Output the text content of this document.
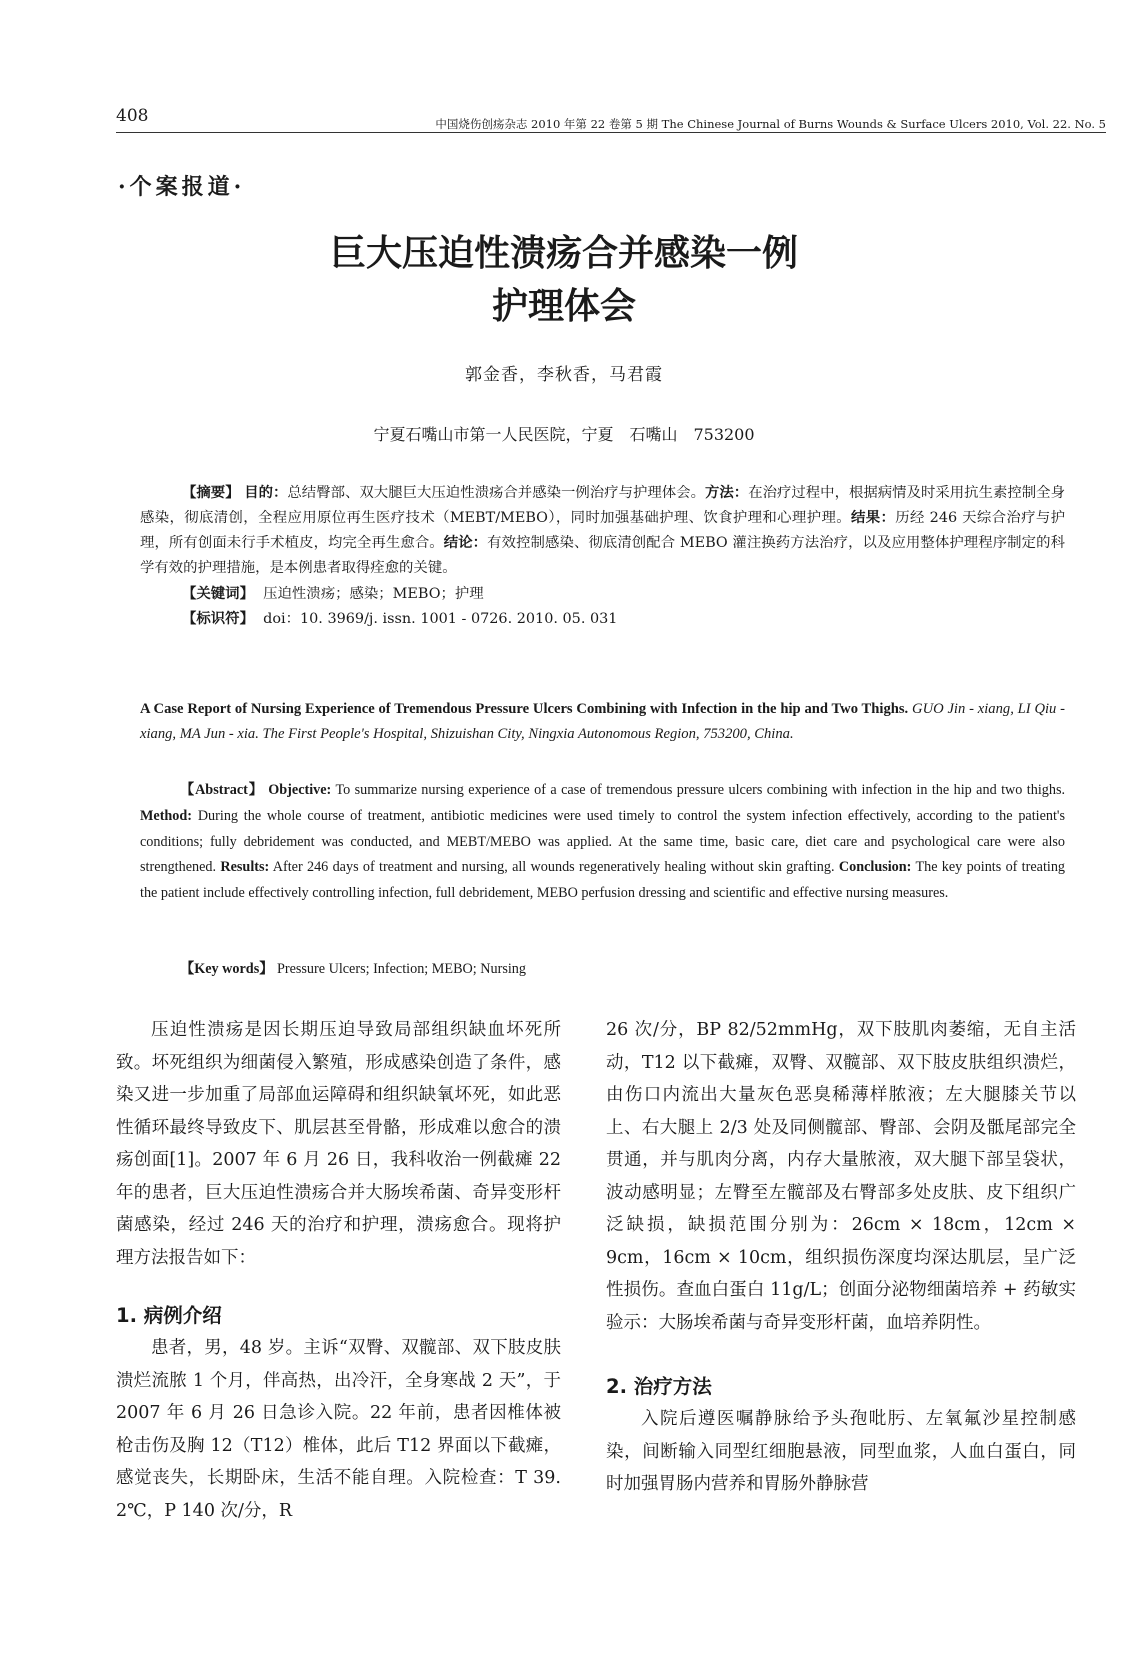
408	中国烧伤创疡杂志 2010 年第 22 卷第 5 期 The Chinese Journal of Burns Wounds & Surface Ulcers 2010, Vol. 22. No. 5
·个案报道·
巨大压迫性溃疡合并感染一例
护理体会
郭金香，李秋香，马君霞
宁夏石嘴山市第一人民医院，宁夏　石嘴山　753200

【摘要】 目的：总结臀部、双大腿巨大压迫性溃疡合并感染一例治疗与护理体会。方法：在治疗过程中，根据病情及时采用抗生素控制全身感染，彻底清创，全程应用原位再生医疗技术（MEBT/MEBO），同时加强基础护理、饮食护理和心理护理。结果：历经 246 天综合治疗与护理，所有创面未行手术植皮，均完全再生愈合。结论：有效控制感染、彻底清创配合 MEBO 灌注换药方法治疗，以及应用整体护理程序制定的科学有效的护理措施，是本例患者取得痊愈的关键。

【关键词】 压迫性溃疡；感染；MEBO；护理
【标识符】 doi：10. 3969/j. issn. 1001 - 0726. 2010. 05. 031

A Case Report of Nursing Experience of Tremendous Pressure Ulcers Combining with Infection in the hip and Two Thighs. GUO Jin - xiang, LI Qiu - xiang, MA Jun - xia. The First People's Hospital, Shizuishan City, Ningxia Autonomous Region, 753200, China.

【Abstract】 Objective: To summarize nursing experience of a case of tremendous pressure ulcers combining with infection in the hip and two thighs. Method: During the whole course of treatment, antibiotic medicines were used timely to control the system infection effectively, according to the patient's conditions; fully debridement was conducted, and MEBT/MEBO was applied. At the same time, basic care, diet care and psychological care were also strengthened. Results: After 246 days of treatment and nursing, all wounds regeneratively healing without skin grafting. Conclusion: The key points of treating the patient include effectively controlling infection, full debridement, MEBO perfusion dressing and scientific and effective nursing measures.

【Key words】 Pressure Ulcers; Infection; MEBO; Nursing

压迫性溃疡是因长期压迫导致局部组织缺血坏死所致。坏死组织为细菌侵入繁殖，形成感染创造了条件，感染又进一步加重了局部血运障碍和组织缺氧坏死，如此恶性循环最终导致皮下、肌层甚至骨骼，形成难以愈合的溃疡创面[1]。2007 年 6 月 26 日，我科收治一例截瘫 22 年的患者，巨大压迫性溃疡合并大肠埃希菌、奇异变形杆菌感染，经过 246 天的治疗和护理，溃疡愈合。现将护理方法报告如下：

1. 病例介绍

患者，男，48 岁。主诉“双臀、双髋部、双下肢皮肤溃烂流脓 1 个月，伴高热，出冷汗，全身寒战 2 天”，于 2007 年 6 月 26 日急诊入院。22 年前，患者因椎体被枪击伤及胸 12（T12）椎体，此后 T12 界面以下截瘫，感觉丧失，长期卧床，生活不能自理。入院检查：T 39. 2℃，P 140 次/分，R

26 次/分，BP 82/52mmHg，双下肢肌肉萎缩，无自主活动，T12 以下截瘫，双臀、双髋部、双下肢皮肤组织溃烂，由伤口内流出大量灰色恶臭稀薄样脓液；左大腿膝关节以上、右大腿上 2/3 处及同侧髋部、臀部、会阴及骶尾部完全贯通，并与肌肉分离，内存大量脓液，双大腿下部呈袋状，波动感明显；左臀至左髋部及右臀部多处皮肤、皮下组织广泛缺损，缺损范围分别为：26cm × 18cm，12cm × 9cm，16cm × 10cm，组织损伤深度均深达肌层，呈广泛性损伤。查血白蛋白 11g/L；创面分泌物细菌培养 + 药敏实验示：大肠埃希菌与奇异变形杆菌，血培养阴性。

2. 治疗方法

入院后遵医嘱静脉给予头孢吡肟、左氧氟沙星控制感染，间断输入同型红细胞悬液，同型血浆，人血白蛋白，同时加强胃肠内营养和胃肠外静脉营
